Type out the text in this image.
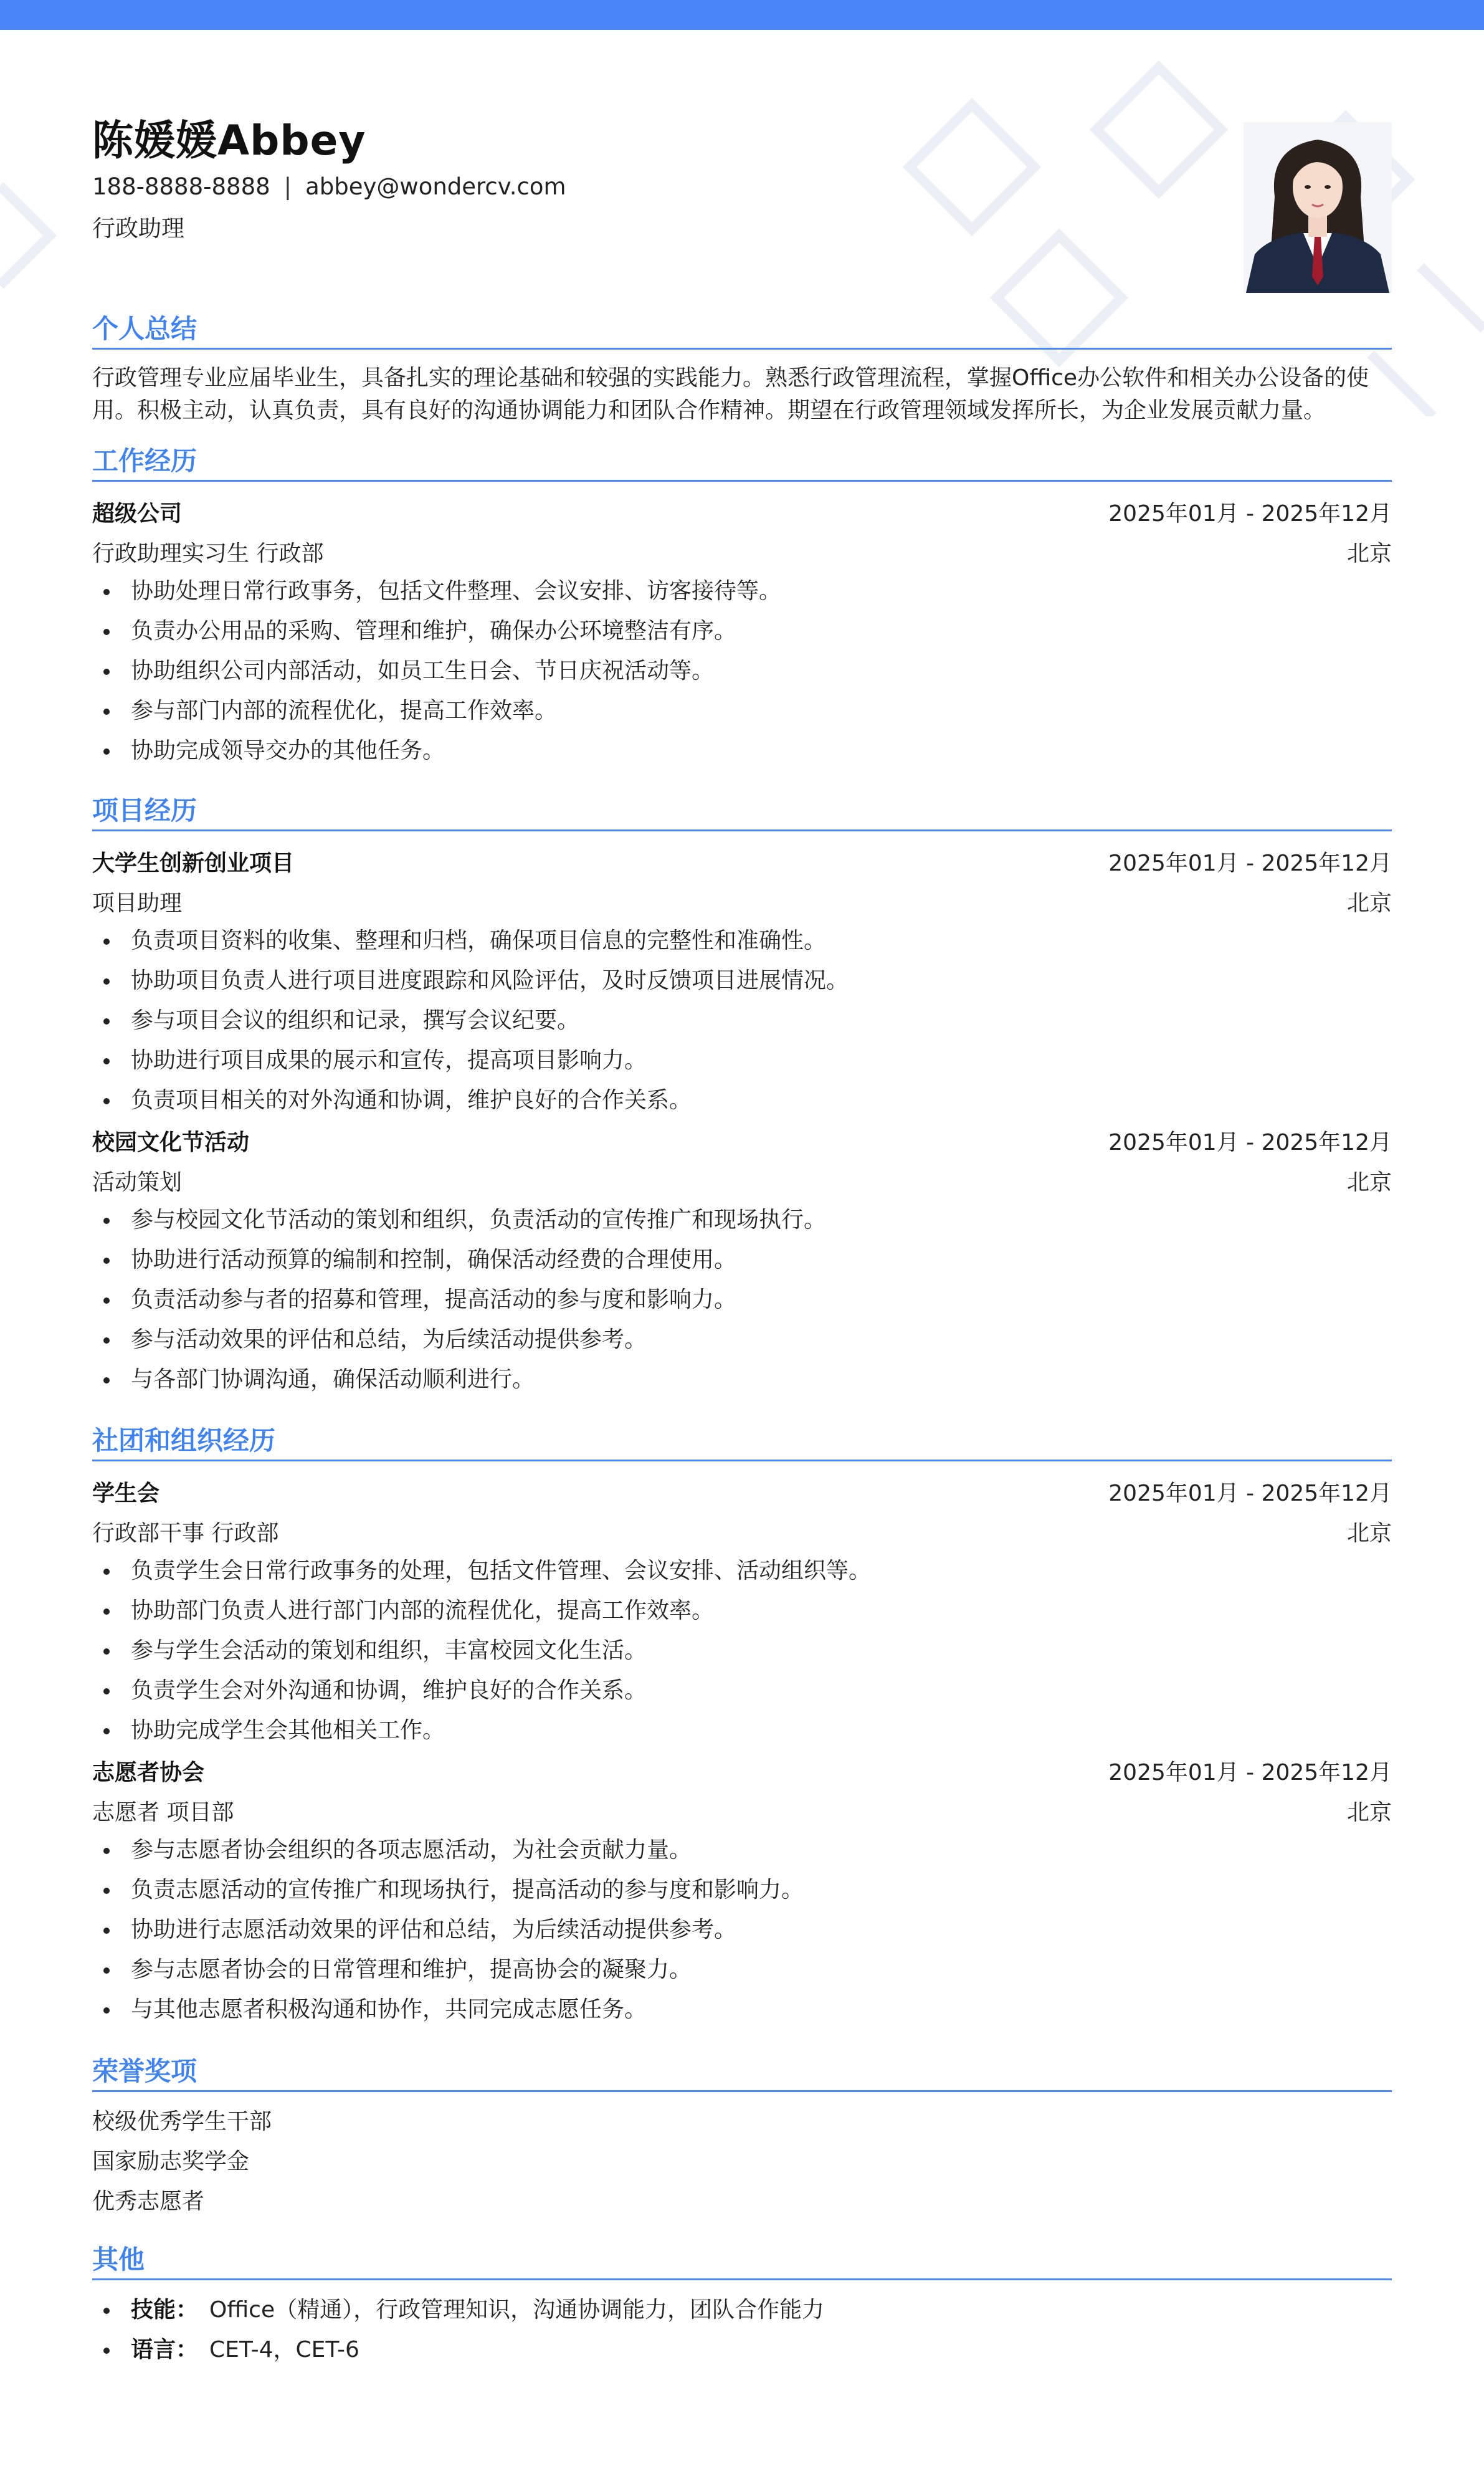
陈媛媛Abbey
188-8888-8888 | abbey@wondercv.com
行政助理
个人总结
行政管理专业应届毕业生，具备扎实的理论基础和较强的实践能力。熟悉行政管理流程，掌握Office办公软件和相关办公设备的使用。积极主动，认真负责，具有良好的沟通协调能力和团队合作精神。期望在行政管理领域发挥所长，为企业发展贡献力量。
工作经历
超级公司	2025年01月 - 2025年12月
行政助理实习生 行政部	北京
协助处理日常行政事务，包括文件整理、会议安排、访客接待等。
负责办公用品的采购、管理和维护，确保办公环境整洁有序。
协助组织公司内部活动，如员工生日会、节日庆祝活动等。
参与部门内部的流程优化，提高工作效率。
协助完成领导交办的其他任务。
项目经历
大学生创新创业项目	2025年01月 - 2025年12月
项目助理	北京
负责项目资料的收集、整理和归档，确保项目信息的完整性和准确性。
协助项目负责人进行项目进度跟踪和风险评估，及时反馈项目进展情况。
参与项目会议的组织和记录，撰写会议纪要。
协助进行项目成果的展示和宣传，提高项目影响力。
负责项目相关的对外沟通和协调，维护良好的合作关系。
校园文化节活动	2025年01月 - 2025年12月
活动策划	北京
参与校园文化节活动的策划和组织，负责活动的宣传推广和现场执行。
协助进行活动预算的编制和控制，确保活动经费的合理使用。
负责活动参与者的招募和管理，提高活动的参与度和影响力。
参与活动效果的评估和总结，为后续活动提供参考。
与各部门协调沟通，确保活动顺利进行。
社团和组织经历
学生会	2025年01月 - 2025年12月
行政部干事 行政部	北京
负责学生会日常行政事务的处理，包括文件管理、会议安排、活动组织等。
协助部门负责人进行部门内部的流程优化，提高工作效率。
参与学生会活动的策划和组织，丰富校园文化生活。
负责学生会对外沟通和协调，维护良好的合作关系。
协助完成学生会其他相关工作。
志愿者协会	2025年01月 - 2025年12月
志愿者 项目部	北京
参与志愿者协会组织的各项志愿活动，为社会贡献力量。
负责志愿活动的宣传推广和现场执行，提高活动的参与度和影响力。
协助进行志愿活动效果的评估和总结，为后续活动提供参考。
参与志愿者协会的日常管理和维护，提高协会的凝聚力。
与其他志愿者积极沟通和协作，共同完成志愿任务。
荣誉奖项
校级优秀学生干部
国家励志奖学金
优秀志愿者
其他
技能： Office（精通），行政管理知识，沟通协调能力，团队合作能力
语言： CET-4，CET-6
